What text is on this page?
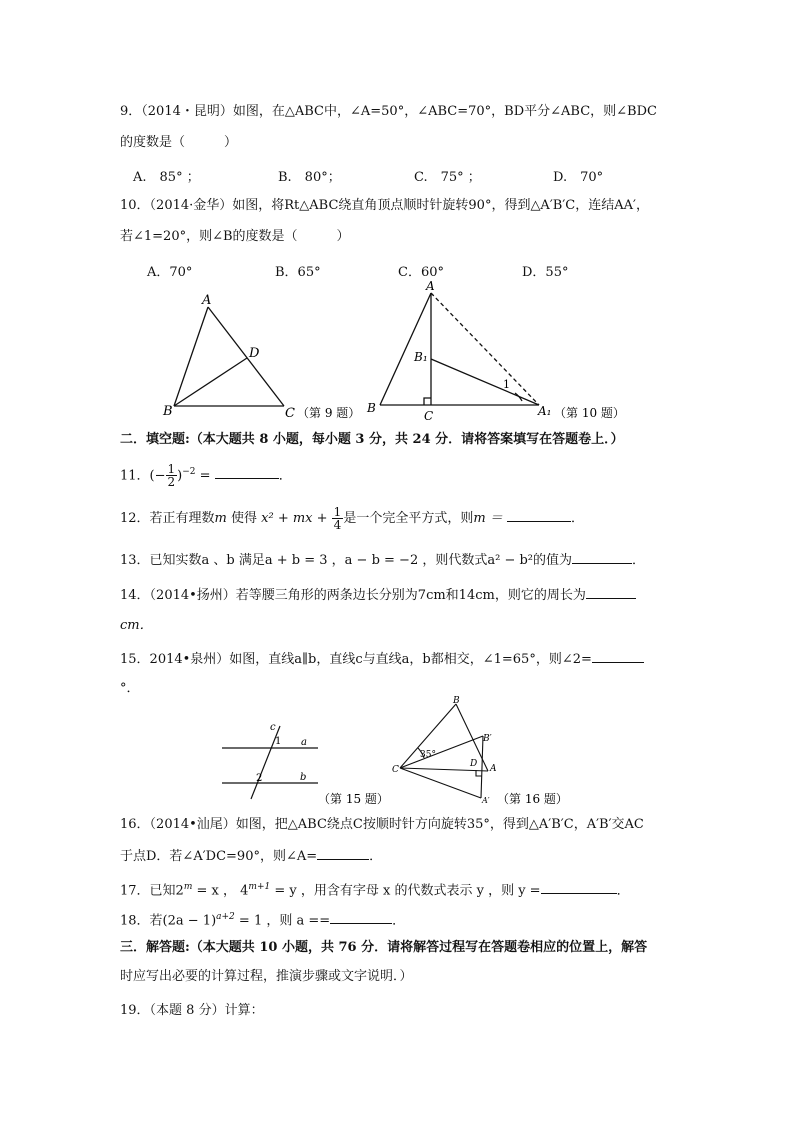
9．（2014・昆明）如图，在△ABC中，∠A=50°，∠ABC=70°，BD平分∠ABC，则∠BDC
的度数是（　　　）
A.　85° ；	B.　80°；	C.　75° ；	D.　70°
10．（2014·金华）如图，将Rt△ABC绕直角顶点顺时针旋转90°，得到△A′B′C，连结AA′，
若∠1=20°，则∠B的度数是（　　　）
A．70°	B．65°	C．60°	D．55°
A
B	C
D
（第 9 题）
A
B
C
B₁
A₁
1
（第 10 题）
二．填空题:（本大题共 8 小题，每小题 3 分，共 24 分．请将答案填写在答题卷上．）
11．(− $\frac{1}{2} )^{-2}$ =	．
12．若正有理数m 使得 x² + mx + $\frac{1}{4}$ 是一个完全平方式，则m ＝	．
13．已知实数a 、b 满足a + b = 3 ，a − b = −2 ，则代数式a² − b²的值为	．
14．（2014•扬州）若等腰三角形的两条边长分别为7cm和14cm，则它的周长为
cm．
15．2014•泉州）如图，直线a∥b，直线c与直线a，b都相交，∠1=65°，则∠2=
°．
c
1 a
2	b
（第 15 题）
B
B′
35°
C
D A
A′ （第 16 题）
16．（2014•汕尾）如图，把△ABC绕点C按顺时针方向旋转35°，得到△A′B′C，A′B′交AC
于点D．若∠A′DC=90°，则∠A=	．
17．已知$2^m = x$ ， $4^{m+1} = y$ ，用含有字母 x 的代数式表示 y ，则 y =	．
18．若$(2a - 1)^{a+2} = 1$ ，则 a ==	．
三．解答题:（本大题共 10 小题，共 76 分．请将解答过程写在答题卷相应的位置上，解答
时应写出必要的计算过程，推演步骤或文字说明．）
19．（本题 8 分）计算：
